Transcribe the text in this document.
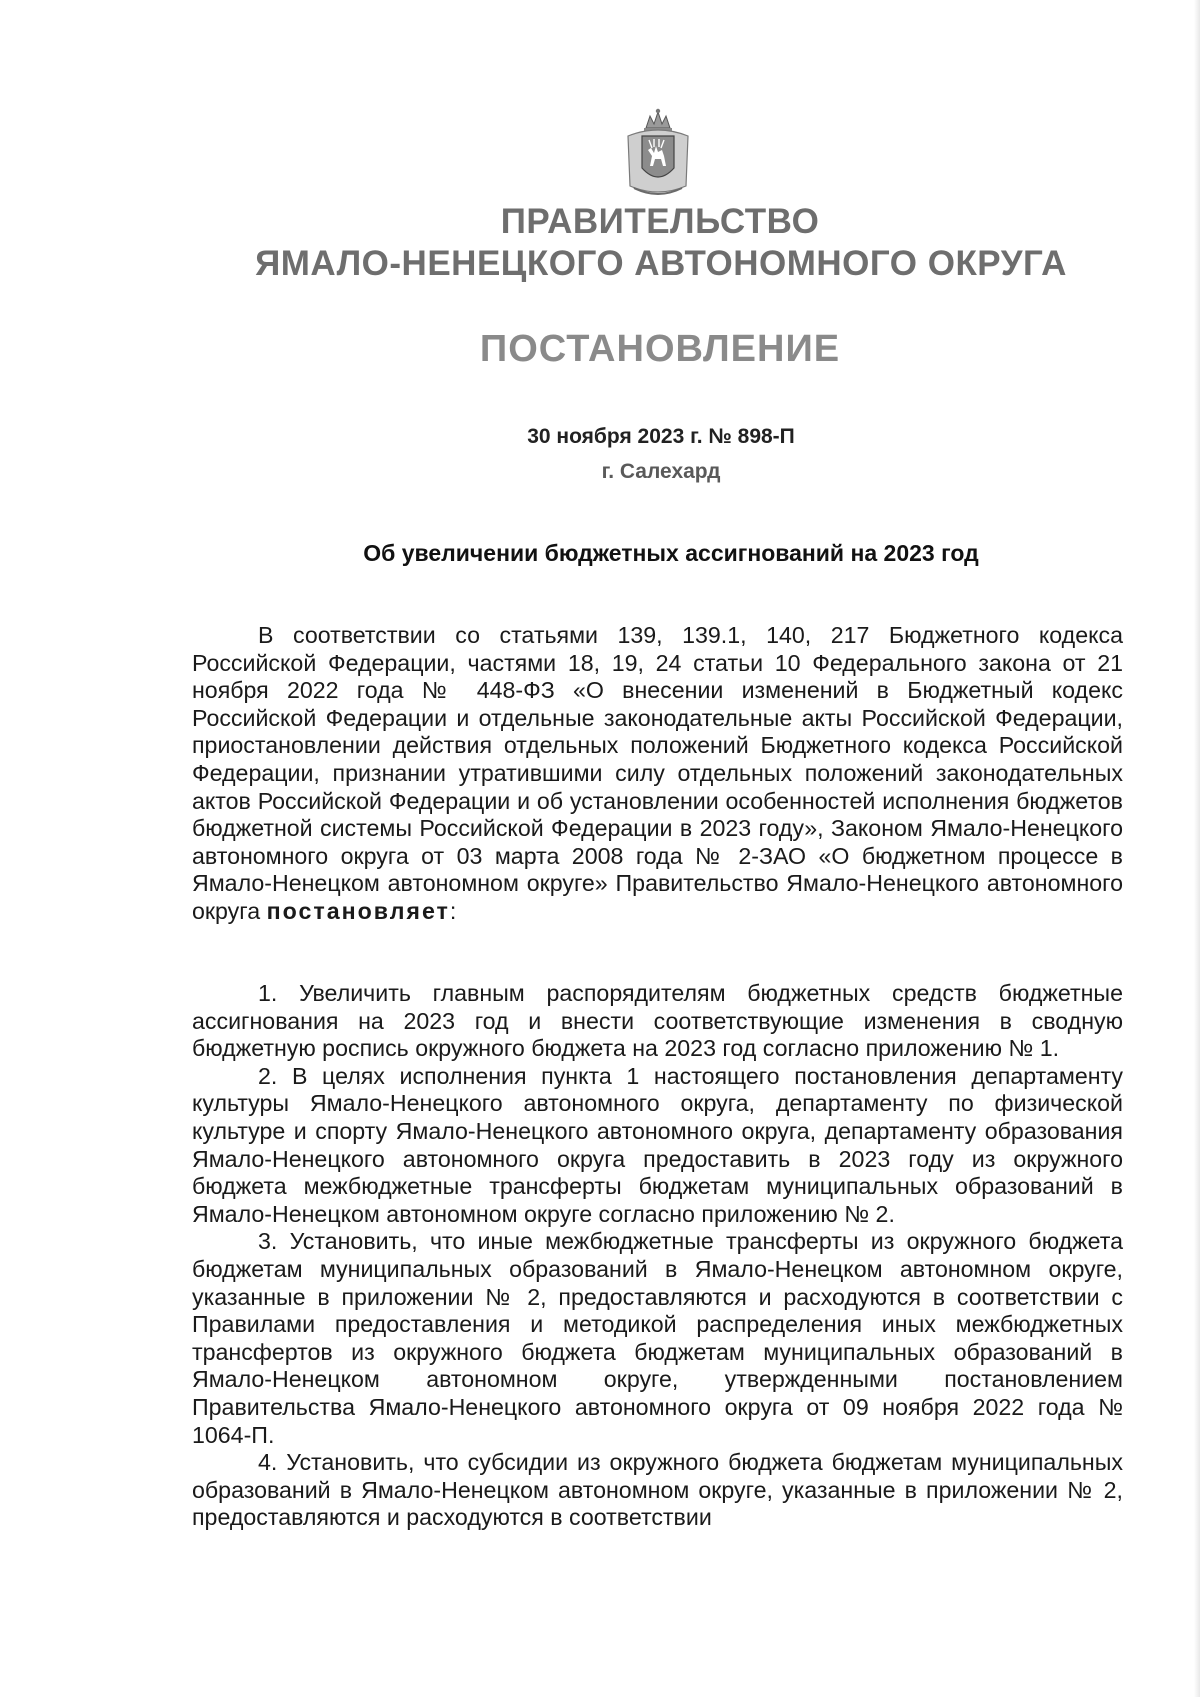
ПРАВИТЕЛЬСТВО
ЯМАЛО-НЕНЕЦКОГО АВТОНОМНОГО ОКРУГА
ПОСТАНОВЛЕНИЕ
30 ноября 2023 г. № 898-П
г. Салехард
Об увеличении бюджетных ассигнований на 2023 год

В соответствии со статьями 139, 139.1, 140, 217 Бюджетного кодекса Российской Федерации, частями 18, 19, 24 статьи 10 Федерального закона от 21 ноября 2022 года № 448-ФЗ «О внесении изменений в Бюджетный кодекс Российской Федерации и отдельные законодательные акты Российской Федерации, приостановлении действия отдельных положений Бюджетного кодекса Российской Федерации, признании утратившими силу отдельных положений законодательных актов Российской Федерации и об установлении особенностей исполнения бюджетов бюджетной системы Российской Федерации в 2023 году», Законом Ямало-Ненецкого автономного округа от 03 марта 2008 года № 2-ЗАО «О бюджетном процессе в Ямало-Ненецком автономном округе» Правительство Ямало-Ненецкого автономного округа постановляет:

1. Увеличить главным распорядителям бюджетных средств бюджетные ассигнования на 2023 год и внести соответствующие изменения в сводную бюджетную роспись окружного бюджета на 2023 год согласно приложению № 1.

2. В целях исполнения пункта 1 настоящего постановления департаменту культуры Ямало-Ненецкого автономного округа, департаменту по физической культуре и спорту Ямало-Ненецкого автономного округа, департаменту образования Ямало-Ненецкого автономного округа предоставить в 2023 году из окружного бюджета межбюджетные трансферты бюджетам муниципальных образований в Ямало-Ненецком автономном округе согласно приложению № 2.

3. Установить, что иные межбюджетные трансферты из окружного бюджета бюджетам муниципальных образований в Ямало-Ненецком автономном округе, указанные в приложении № 2, предоставляются и расходуются в соответствии с Правилами предоставления и методикой распределения иных межбюджетных трансфертов из окружного бюджета бюджетам муниципальных образований в Ямало-Ненецком автономном округе, утвержденными постановлением Правительства Ямало-Ненецкого автономного округа от 09 ноября 2022 года № 1064-П.

4. Установить, что субсидии из окружного бюджета бюджетам муниципальных образований в Ямало-Ненецком автономном округе, указанные в приложении № 2, предоставляются и расходуются в соответствии
